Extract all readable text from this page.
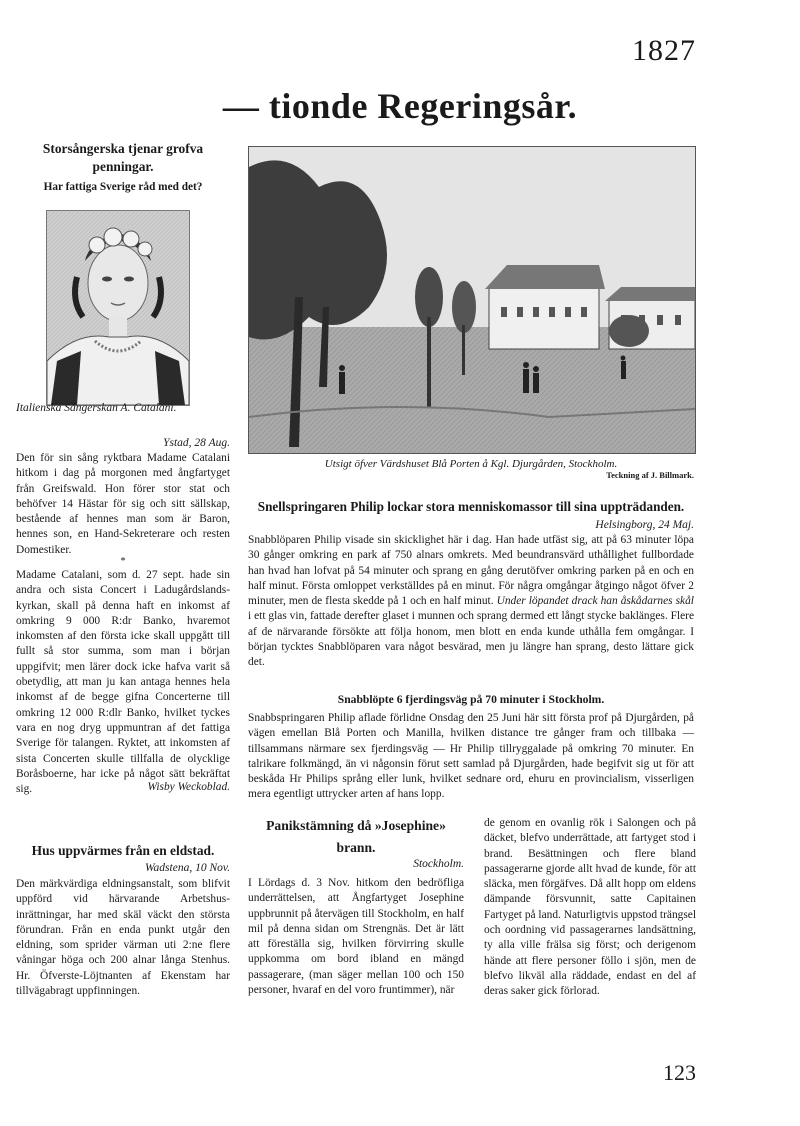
1827
— tionde Regeringsår.
Storsångerska tjenar grofva penningar.
Har fattiga Sverige råd med det?
Italienska Sångerskan A. Catalani.
Ystad, 28 Aug.

Den för sin sång ryktbara Madame Catalani hitkom i dag på morgonen med ångfartyget från Greifswald. Hon förer stor stat och behöfver 14 Hästar för sig och sitt sällskap, bestående af hennes man som är Baron, hennes son, en Hand-Sekreterare och resten Domestiker.

*

Madame Catalani, som d. 27 sept. hade sin andra och sista Concert i Ladugårdslands-kyrkan, skall på denna haft en inkomst af omkring 9 000 R:dr Banko, hvaremot inkomsten af den första icke skall uppgått till fullt så stor summa, som man i början uppgifvit; men lärer dock icke hafva varit så obetydlig, att man ju kan antaga hennes hela inkomst af de begge gifna Concerterne till omkring 12 000 R:dlr Banko, hvilket tyckes vara en nog dryg uppmuntran af det fattiga Sverige för talangen. Ryktet, att inkomsten af sista Concerten skulle tillfalla de olycklige Boråsboerne, har icke på något sätt bekräftat sig.	Wisby Weckoblad.
Hus uppvärmes från en eldstad.
Wadstena, 10 Nov.

Den märkvärdiga eldningsanstalt, som blifvit uppförd vid härvarande Arbetshus-inrättningar, har med skäl väckt den största förundran. Från en enda punkt utgår den eldning, som sprider värman uti 2:ne flere våningar höga och 200 alnar långa Stenhus. Hr. Öfverste-Löjtnanten af Ekenstam har tillvägabragt uppfinningen.

Utsigt öfver Värdshuset Blå Porten å Kgl. Djurgården, Stockholm.
Teckning af J. Billmark.
Snellspringaren Philip lockar stora menniskomassor till sina uppträdanden.
Helsingborg, 24 Maj.

Snabblöparen Philip visade sin skicklighet här i dag. Han hade utfäst sig, att på 63 minuter löpa 30 gånger omkring en park af 750 alnars omkrets. Med beundransvärd uthållighet fullbordade han hvad han lofvat på 54 minuter och sprang en gång derutöfver omkring parken på en och en half minut. Första omloppet verkställdes på en minut. För några omgångar åtgingo något öfver 2 minuter, men de flesta skedde på 1 och en half minut. Under löpandet drack han åskådarnes skål i ett glas vin, fattade derefter glaset i munnen och sprang dermed ett långt stycke baklänges. Flere af de närvarande försökte att följa honom, men blott en enda kunde uthålla fem omgångar. I början tycktes Snabblöparen vara något besvärad, men ju längre han sprang, desto lättare gick det.

Snabblöpte 6 fjerdingsväg på 70 minuter i Stockholm.

Snabbspringaren Philip aflade förlidne Onsdag den 25 Juni här sitt första prof på Djurgården, på vägen emellan Blå Porten och Manilla, hvilken distance tre gånger fram och tillbaka — tillsammans närmare sex fjerdingsväg — Hr Philip tillryggalade på omkring 70 minuter. En talrikare folkmängd, än vi någonsin förut sett samlad på Djurgården, hade begifvit sig ut för att beskåda Hr Philips språng eller lunk, hvilket sednare ord, ehuru en provincialism, visserligen mera egentligt uttrycker arten af hans lopp.

Panikstämning då »Josephine» brann.
Stockholm.

I Lördags d. 3 Nov. hitkom den bedröfliga underrättelsen, att Ångfartyget Josephine uppbrunnit på återvägen till Stockholm, en half mil på denna sidan om Strengnäs. Det är lätt att föreställa sig, hvilken förvirring skulle uppkomma om bord ibland en mängd passagerare, (man säger mellan 100 och 150 personer, hvaraf en del voro fruntimmer), när

de genom en ovanlig rök i Salongen och på däcket, blefvo underrättade, att fartyget stod i brand. Besättningen och flere bland passagerarne gjorde allt hvad de kunde, för att släcka, men förgäfves. Då allt hopp om eldens dämpande försvunnit, satte Capitainen Fartyget på land. Naturligtvis uppstod trängsel och oordning vid passagerarnes landsättning, ty alla ville frälsa sig först; och derigenom hände att flere personer föllo i sjön, men de blefvo likväl alla räddade, endast en del af deras saker gick förlorad.

123
